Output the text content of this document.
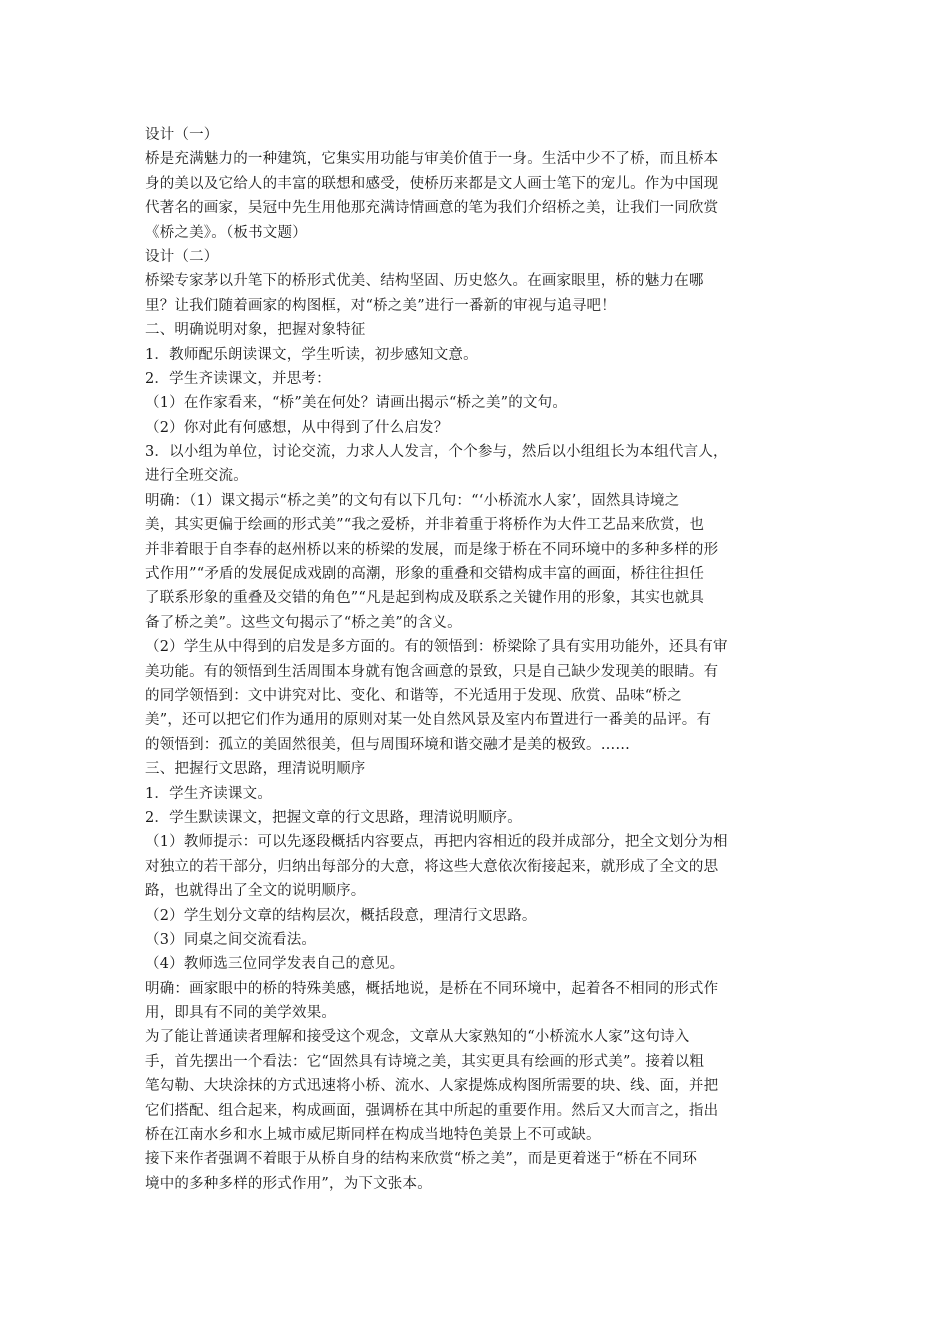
设计（一）
桥是充满魅力的一种建筑，它集实用功能与审美价值于一身。生活中少不了桥，而且桥本
身的美以及它给人的丰富的联想和感受，使桥历来都是文人画士笔下的宠儿。作为中国现
代著名的画家，吴冠中先生用他那充满诗情画意的笔为我们介绍桥之美，让我们一同欣赏
《桥之美》。（板书文题）
设计（二）
桥梁专家茅以升笔下的桥形式优美、结构坚固、历史悠久。在画家眼里，桥的魅力在哪
里？让我们随着画家的构图框，对“桥之美”进行一番新的审视与追寻吧！
二、明确说明对象，把握对象特征
1．教师配乐朗读课文，学生听读，初步感知文意。
2．学生齐读课文，并思考：
（1）在作家看来，“桥”美在何处？请画出揭示“桥之美”的文句。
（2）你对此有何感想，从中得到了什么启发？
3．以小组为单位，讨论交流，力求人人发言，个个参与，然后以小组组长为本组代言人，
进行全班交流。
明确：（1）课文揭示“桥之美”的文句有以下几句：“‘小桥流水人家’，固然具诗境之
美，其实更偏于绘画的形式美”“我之爱桥，并非着重于将桥作为大件工艺品来欣赏，也
并非着眼于自李春的赵州桥以来的桥梁的发展，而是缘于桥在不同环境中的多种多样的形
式作用”“矛盾的发展促成戏剧的高潮，形象的重叠和交错构成丰富的画面，桥往往担任
了联系形象的重叠及交错的角色”“凡是起到构成及联系之关键作用的形象，其实也就具
备了桥之美”。这些文句揭示了“桥之美”的含义。
（2）学生从中得到的启发是多方面的。有的领悟到：桥梁除了具有实用功能外，还具有审
美功能。有的领悟到生活周围本身就有饱含画意的景致，只是自己缺少发现美的眼睛。有
的同学领悟到：文中讲究对比、变化、和谐等，不光适用于发现、欣赏、品味“桥之
美”，还可以把它们作为通用的原则对某一处自然风景及室内布置进行一番美的品评。有
的领悟到：孤立的美固然很美，但与周围环境和谐交融才是美的极致。……
三、把握行文思路，理清说明顺序
1．学生齐读课文。
2．学生默读课文，把握文章的行文思路，理清说明顺序。
（1）教师提示：可以先逐段概括内容要点，再把内容相近的段并成部分，把全文划分为相
对独立的若干部分，归纳出每部分的大意，将这些大意依次衔接起来，就形成了全文的思
路，也就得出了全文的说明顺序。
（2）学生划分文章的结构层次，概括段意，理清行文思路。
（3）同桌之间交流看法。
（4）教师选三位同学发表自己的意见。
明确：画家眼中的桥的特殊美感，概括地说，是桥在不同环境中，起着各不相同的形式作
用，即具有不同的美学效果。
为了能让普通读者理解和接受这个观念，文章从大家熟知的“小桥流水人家”这句诗入
手，首先摆出一个看法：它“固然具有诗境之美，其实更具有绘画的形式美”。接着以粗
笔勾勒、大块涂抹的方式迅速将小桥、流水、人家提炼成构图所需要的块、线、面，并把
它们搭配、组合起来，构成画面，强调桥在其中所起的重要作用。然后又大而言之，指出
桥在江南水乡和水上城市威尼斯同样在构成当地特色美景上不可或缺。
接下来作者强调不着眼于从桥自身的结构来欣赏“桥之美”，而是更着迷于“桥在不同环
境中的多种多样的形式作用”，为下文张本。
